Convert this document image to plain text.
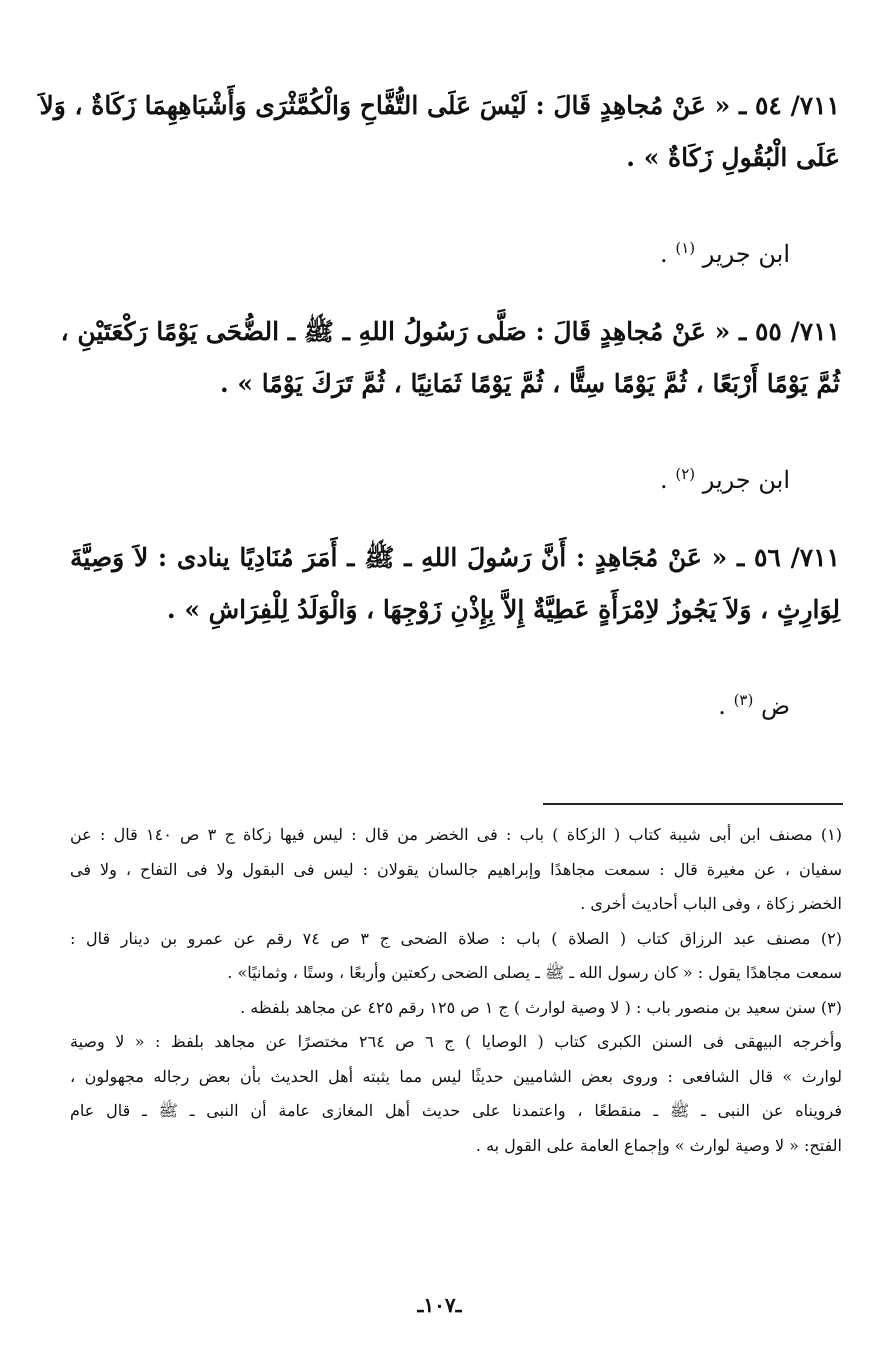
٧١١/ ٥٤ ـ « عَنْ مُجاهِدٍ قَالَ : لَيْسَ عَلَى التُّفَّاحِ وَالْكُمَّثْرَى وَأَشْبَاهِهِمَا زَكَاةٌ ، وَلاَ
عَلَى الْبُقُولِ زَكَاةٌ » .
ابن جرير $^{(١)}$ .
٧١١/ ٥٥ ـ « عَنْ مُجاهِدٍ قَالَ : صَلَّى رَسُولُ اللهِ ـ ﷺ ـ الضُّحَى يَوْمًا رَكْعَتَيْنِ ،
ثُمَّ يَوْمًا أَرْبَعًا ، ثُمَّ يَوْمًا سِتًّا ، ثُمَّ يَوْمًا ثَمَانِيًا ، ثُمَّ تَرَكَ يَوْمًا » .
ابن جرير $^{(٢)}$ .
٧١١/ ٥٦ ـ « عَنْ مُجَاهِدٍ : أَنَّ رَسُولَ اللهِ ـ ﷺ ـ أَمَرَ مُنَادِيًا ينادى : لاَ وَصِيَّةَ
لِوَارِثٍ ، وَلاَ يَجُوزُ لاِمْرَأَةٍ عَطِيَّةٌ إِلاَّ بِإِذْنِ زَوْجِهَا ، وَالْوَلَدُ لِلْفِرَاشِ » .
ض $^{(٣)}$ .
(١) مصنف ابن أبى شيبة كتاب ( الزكاة ) باب : فى الخضر من قال : ليس فيها زكاة ج ٣ ص ١٤٠ قال : عن
سفيان ، عن مغيرة قال : سمعت مجاهدًا وإبراهيم جالسان يقولان : ليس فى البقول ولا فى التفاح ، ولا فى
الخضر زكاة ، وفى الباب أحاديث أخرى .
(٢) مصنف عبد الرزاق كتاب ( الصلاة ) باب : صلاة الضحى ج ٣ ص ٧٤ رقم عن عمرو بن دينار قال :
سمعت مجاهدًا يقول : « كان رسول الله ـ ﷺ ـ يصلى الضحى ركعتين وأربعًا ، وستًا ، وثمانيًا» .
(٣) سنن سعيد بن منصور باب : ( لا وصية لوارث ) ج ١ ص ١٢٥ رقم ٤٢٥ عن مجاهد بلفظه .
وأخرجه البيهقى فى السنن الكبرى كتاب ( الوصايا ) ج ٦ ص ٢٦٤ مختصرًا عن مجاهد بلفظ : « لا وصية
لوارث » قال الشافعى : وروى بعض الشاميين حديثًا ليس مما يثبته أهل الحديث بأن بعض رجاله مجهولون ،
فرويناه عن النبى ـ ﷺ ـ منقطعًا ، واعتمدنا على حديث أهل المغازى عامة أن النبى ـ ﷺ ـ قال عام
الفتح: « لا وصية لوارث » وإجماع العامة على القول به .
ـ١٠٧ـ
